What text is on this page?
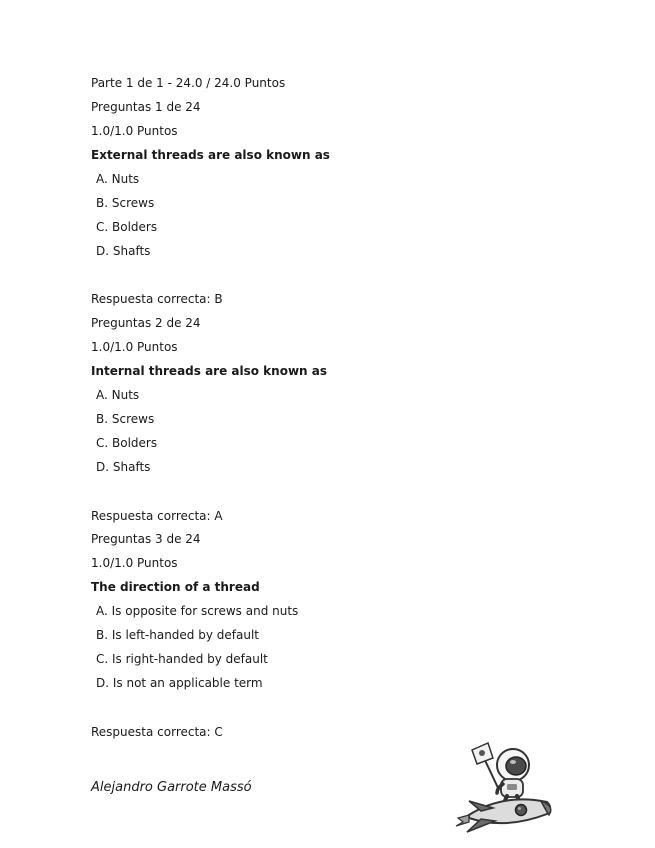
Parte 1 de 1 - 24.0 / 24.0 Puntos
Preguntas 1 de 24
1.0/1.0 Puntos
External threads are also known as
A. Nuts
B. Screws
C. Bolders
D. Shafts
Respuesta correcta: B
Preguntas 2 de 24
1.0/1.0 Puntos
Internal threads are also known as
A. Nuts
B. Screws
C. Bolders
D. Shafts
Respuesta correcta: A
Preguntas 3 de 24
1.0/1.0 Puntos
The direction of a thread
A. Is opposite for screws and nuts
B. Is left-handed by default
C. Is right-handed by default
D. Is not an applicable term
Respuesta correcta: C
Alejandro Garrote Massó
